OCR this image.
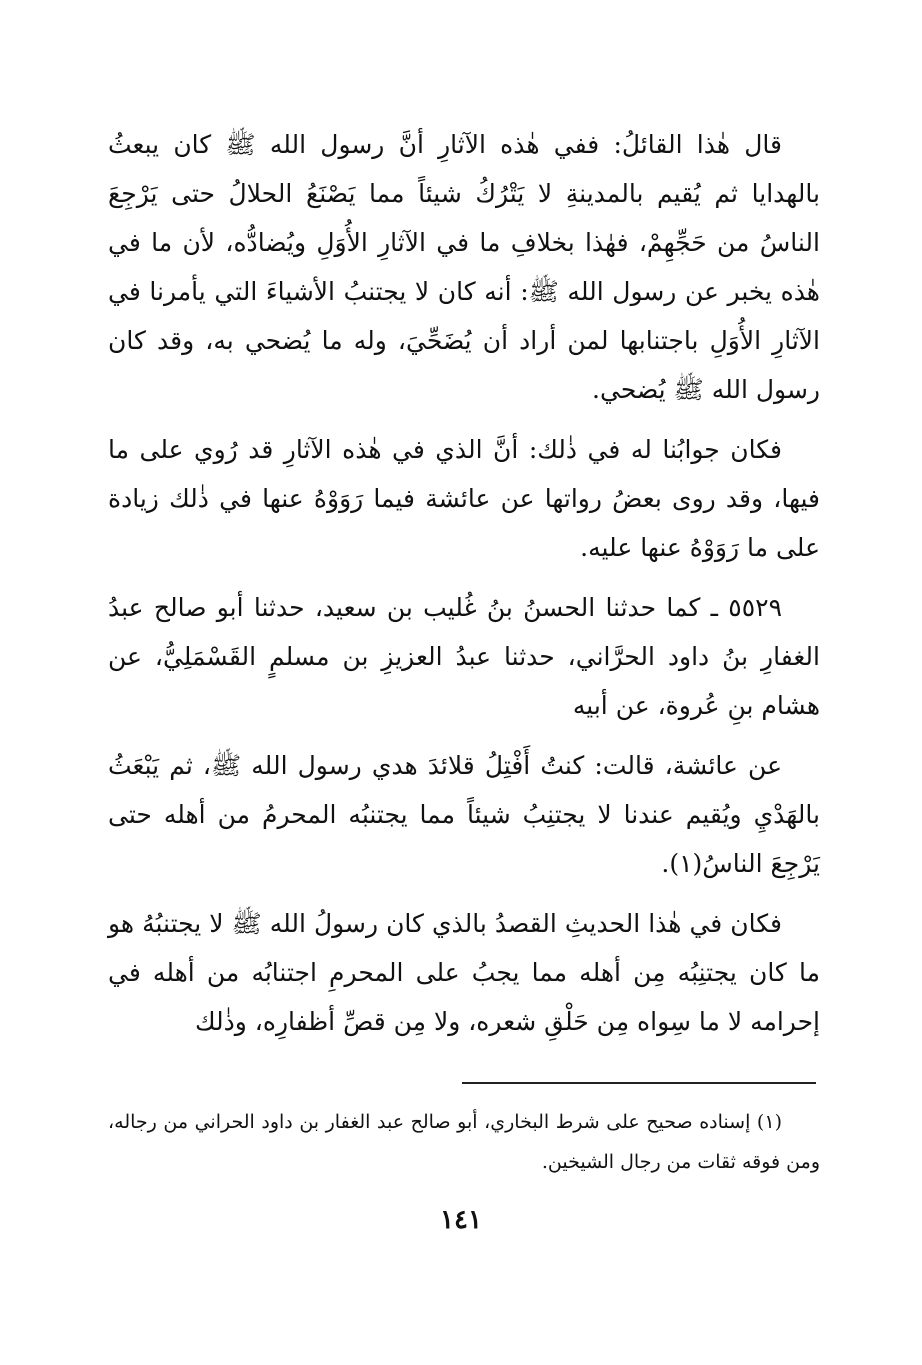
قال هٰذا القائلُ: ففي هٰذه الآثارِ أنَّ رسول الله ﷺ كان يبعثُ بالهدايا ثم يُقيم بالمدينةِ لا يَتْرُكُ شيئاً مما يَصْنَعُ الحلالُ حتى يَرْجِعَ الناسُ من حَجِّهِمْ، فهٰذا بخلافِ ما في الآثارِ الأُوَلِ ويُضادُّه، لأن ما في هٰذه يخبر عن رسول الله ﷺ: أنه كان لا يجتنبُ الأشياءَ التي يأمرنا في الآثارِ الأُوَلِ باجتنابها لمن أراد أن يُضَحِّيَ، وله ما يُضحي به، وقد كان رسول الله ﷺ يُضحي.

فكان جوابُنا له في ذٰلك: أنَّ الذي في هٰذه الآثارِ قد رُوي على ما فيها، وقد روى بعضُ رواتها عن عائشة فيما رَوَوْهُ عنها في ذٰلك زيادة على ما رَوَوْهُ عنها عليه.

٥٥٢٩ ـ كما حدثنا الحسنُ بنُ غُليب بن سعيد، حدثنا أبو صالح عبدُ الغفارِ بنُ داود الحرَّاني، حدثنا عبدُ العزيزِ بن مسلمٍ القَسْمَلِيُّ، عن هشام بنِ عُروة، عن أبيه

عن عائشة، قالت: كنتُ أَفْتِلُ قلائدَ هدي رسول الله ﷺ، ثم يَبْعَثُ بالهَدْيِ ويُقيم عندنا لا يجتنِبُ شيئاً مما يجتنبُه المحرمُ من أهله حتى يَرْجِعَ الناسُ(١).

فكان في هٰذا الحديثِ القصدُ بالذي كان رسولُ الله ﷺ لا يجتنبُهُ هو ما كان يجتنِبُه مِن أهله مما يجبُ على المحرمِ اجتنابُه من أهله في إحرامه لا ما سِواه مِن حَلْقِ شعره، ولا مِن قصِّ أظفارِه، وذٰلك

(١) إسناده صحيح على شرط البخاري، أبو صالح عبد الغفار بن داود الحراني من رجاله، ومن فوقه ثقات من رجال الشيخين.

١٤١
